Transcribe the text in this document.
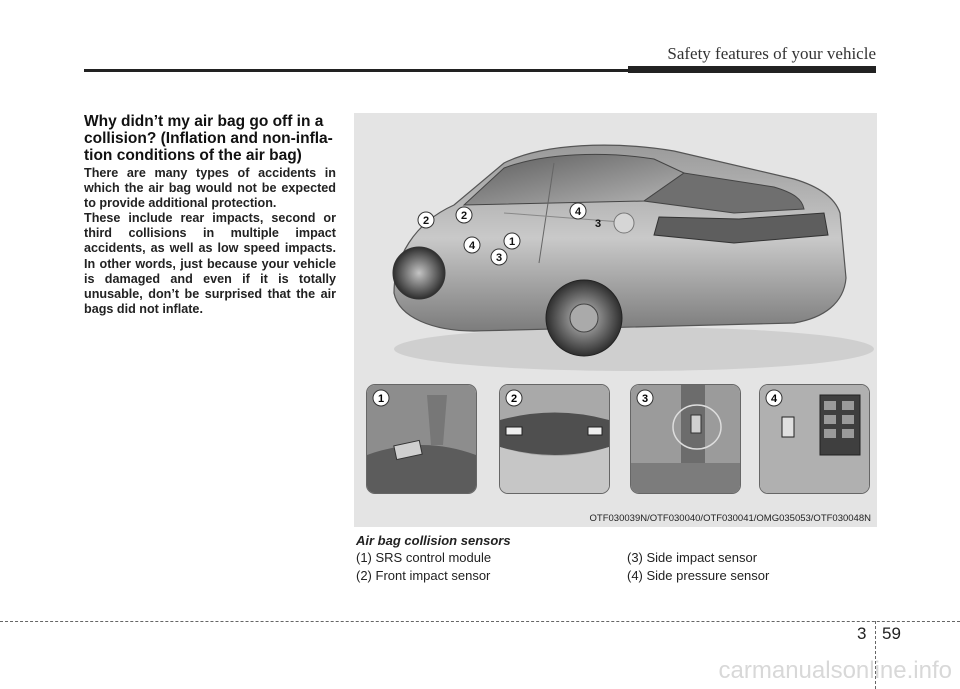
Safety features of your vehicle
Why didn’t my air bag go off in a collision? (Inflation and non-inflation conditions of the air bag)

There are many types of accidents in which the air bag would not be expected to provide additional protection.

These include rear impacts, second or third collisions in multiple impact accidents, as well as low speed impacts. In other words, just because your vehicle is damaged and even if it is totally unusable, don’t be surprised that the air bags did not inflate.

2	2
4
3
1
4
3
1	2	3	4
OTF030039N/OTF030040/OTF030041/OMG035053/OTF030048N
Air bag collision sensors
(1) SRS control module	(3) Side impact sensor
(2) Front impact sensor	(4) Side pressure sensor
3 59
carmanualsonline.info
